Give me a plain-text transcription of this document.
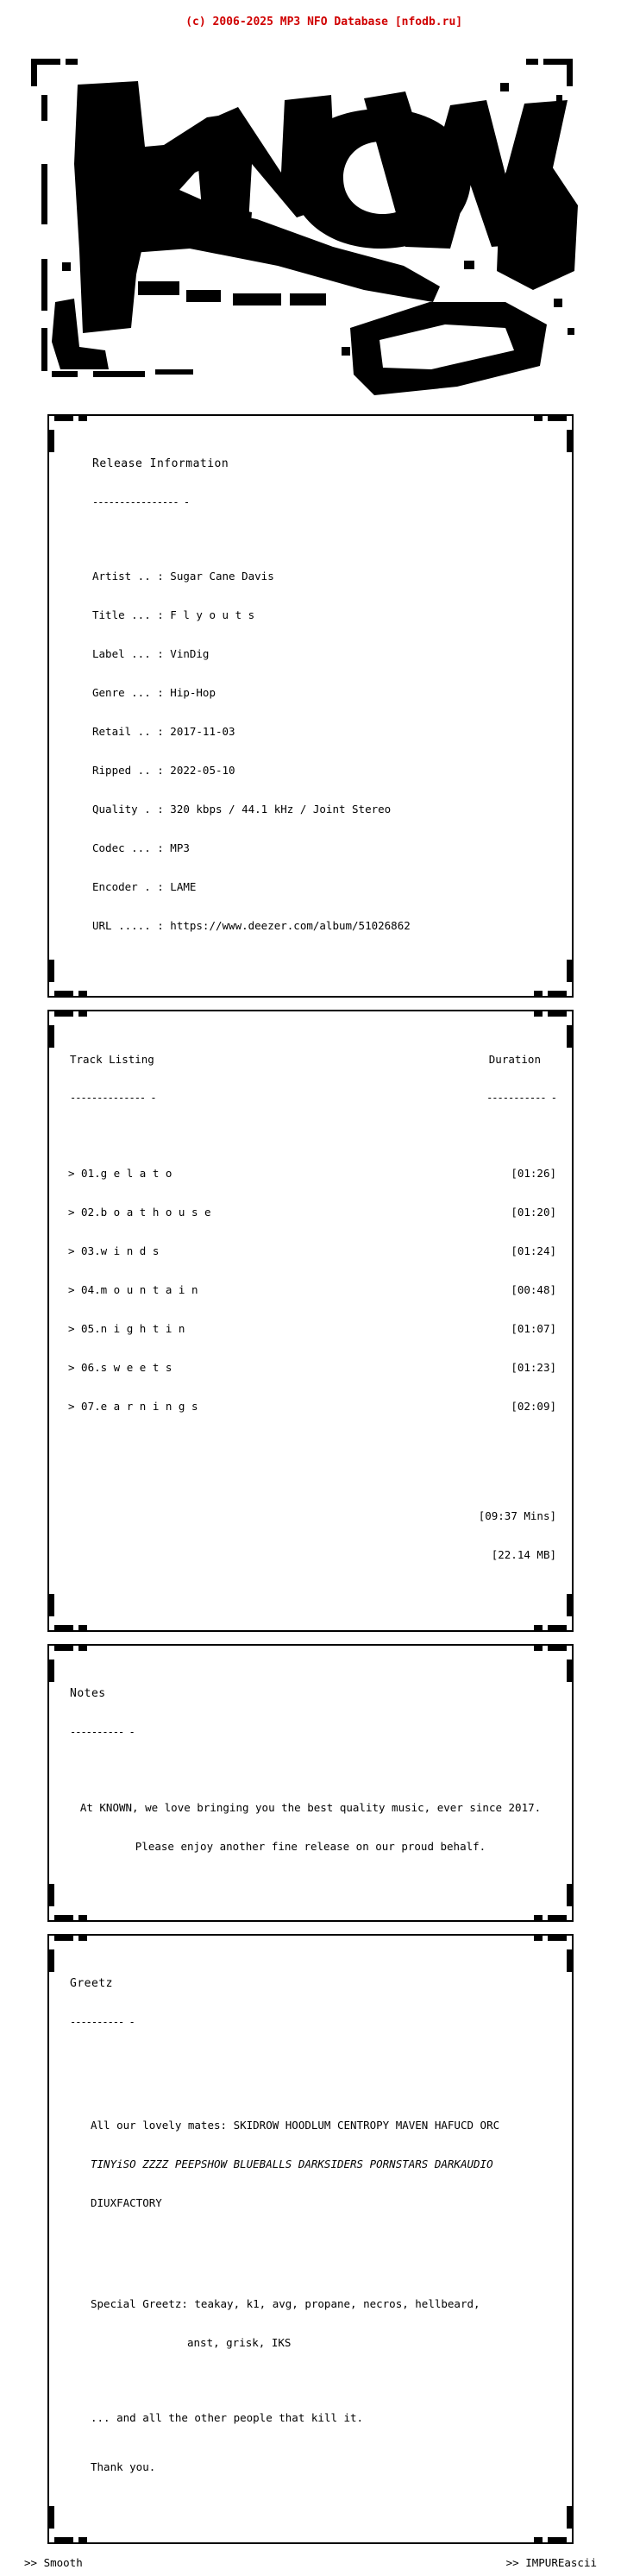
(c) 2006-2025 MP3 NFO Database [nfodb.ru]

sM

Release Information

---------------- -

Artist .. : Sugar Cane Davis

Title ... : F l y o u t s

Label ... : VinDig

Genre ... : Hip-Hop

Retail .. : 2017-11-03

Ripped .. : 2022-05-10

Quality . : 320 kbps / 44.1 kHz / Joint Stereo

Codec ... : MP3

Encoder . : LAME

URL ..... : https://www.deezer.com/album/51026862

Track Listing	Duration

-------------- -	----------- -

> 01.g e l a t o	[01:26]

> 02.b o a t h o u s e	[01:20]

> 03.w i n d s	[01:24]

> 04.m o u n t a i n	[00:48]

> 05.n i g h t i n	[01:07]

> 06.s w e e t s	[01:23]

> 07.e a r n i n g s	[02:09]

[09:37 Mins]

[22.14 MB]

Notes

---------- -

At KNOWN, we love bringing you the best quality music, ever since 2017.

Please enjoy another fine release on our proud behalf.

Greetz

---------- -

All our lovely mates: SKIDROW HOODLUM CENTROPY MAVEN HAFUCD ORC

TINYiSO ZZZZ PEEPSHOW BLUEBALLS DARKSIDERS PORNSTARS DARKAUDIO

DIUXFACTORY

Special Greetz: teakay, k1, avg, propane, necros, hellbeard,

anst, grisk, IKS

... and all the other people that kill it.

Thank you.

>> Smooth	>> IMPUREascii
